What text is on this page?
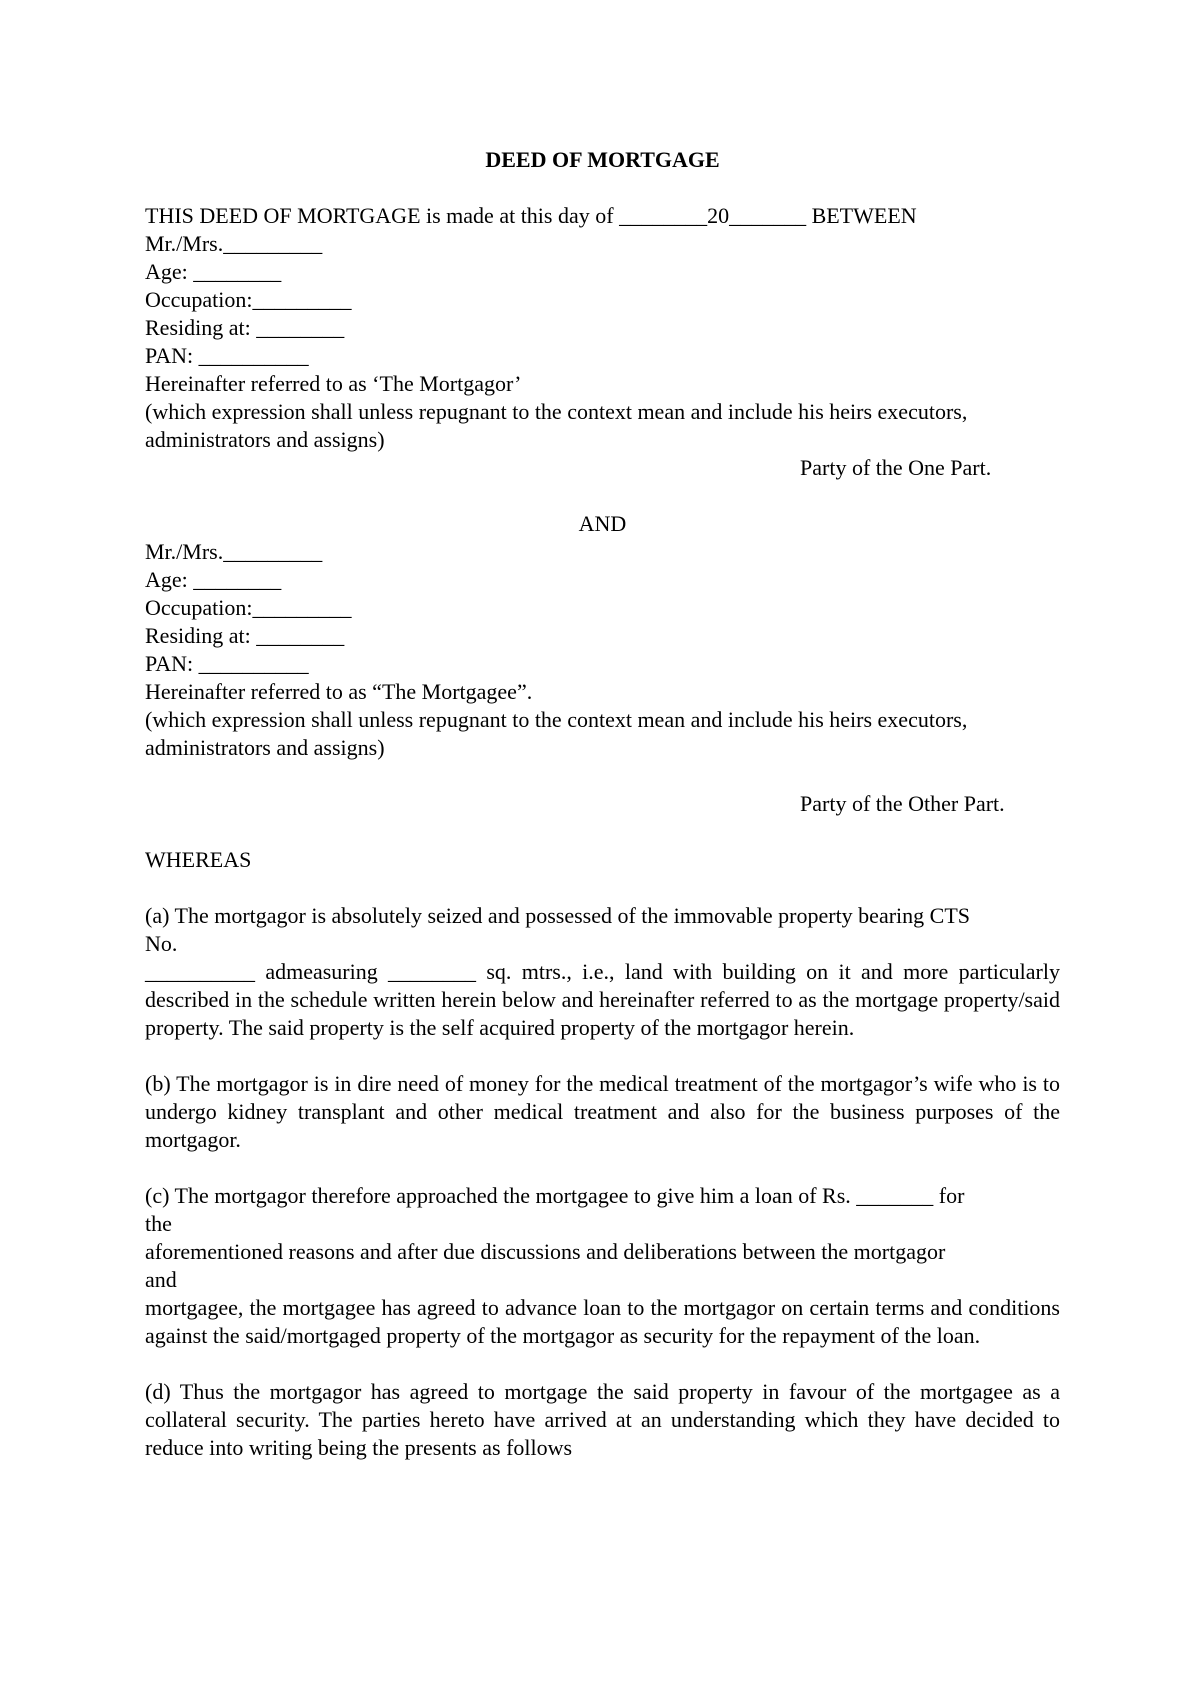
DEED OF MORTGAGE

THIS DEED OF MORTGAGE is made at this day of ________20_______ BETWEEN

Mr./Mrs._________

Age: ________

Occupation:_________

Residing at: ________

PAN: __________

Hereinafter referred to as ‘The Mortgagor’

(which expression shall unless repugnant to the context mean and include his heirs executors, administrators and assigns)

Party of the One Part.

AND

Mr./Mrs._________

Age: ________

Occupation:_________

Residing at: ________

PAN: __________

Hereinafter referred to as “The Mortgagee”.

(which expression shall unless repugnant to the context mean and include his heirs executors, administrators and assigns)

Party of the Other Part.

WHEREAS

(a) The mortgagor is absolutely seized and possessed of the immovable property bearing CTS

No.

__________ admeasuring ________ sq. mtrs., i.e., land with building on it and more particularly described in the schedule written herein below and hereinafter referred to as the mortgage property/said property. The said property is the self acquired property of the mortgagor herein.

(b) The mortgagor is in dire need of money for the medical treatment of the mortgagor’s wife who is to undergo kidney transplant and other medical treatment and also for the business purposes of the mortgagor.

(c) The mortgagor therefore approached the mortgagee to give him a loan of Rs. _______ for

the

aforementioned reasons and after due discussions and deliberations between the mortgagor

and

mortgagee, the mortgagee has agreed to advance loan to the mortgagor on certain terms and conditions against the said/mortgaged property of the mortgagor as security for the repayment of the loan.

(d) Thus the mortgagor has agreed to mortgage the said property in favour of the mortgagee as a collateral security. The parties hereto have arrived at an understanding which they have decided to reduce into writing being the presents as follows
